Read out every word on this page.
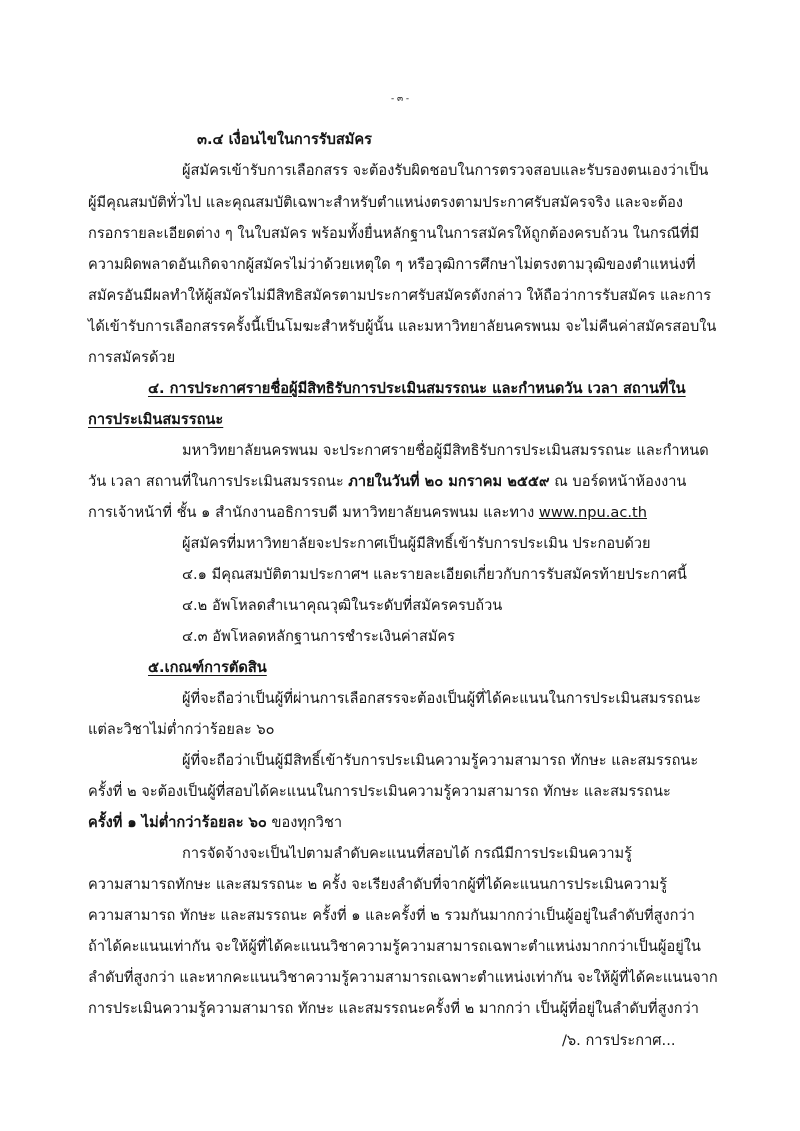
- ๓ -

๓.๔ เงื่อนไขในการรับสมัคร

ผู้สมัครเข้ารับการเลือกสรร จะต้องรับผิดชอบในการตรวจสอบและรับรองตนเองว่าเป็น

ผู้มีคุณสมบัติทั่วไป และคุณสมบัติเฉพาะสำหรับตำแหน่งตรงตามประกาศรับสมัครจริง และจะต้อง

กรอกรายละเอียดต่าง ๆ ในใบสมัคร พร้อมทั้งยื่นหลักฐานในการสมัครให้ถูกต้องครบถ้วน ในกรณีที่มี

ความผิดพลาดอันเกิดจากผู้สมัครไม่ว่าด้วยเหตุใด ๆ หรือวุฒิการศึกษาไม่ตรงตามวุฒิของตำแหน่งที่

สมัครอันมีผลทำให้ผู้สมัครไม่มีสิทธิสมัครตามประกาศรับสมัครดังกล่าว ให้ถือว่าการรับสมัคร และการ

ได้เข้ารับการเลือกสรรครั้งนี้เป็นโมฆะสำหรับผู้นั้น และมหาวิทยาลัยนครพนม จะไม่คืนค่าสมัครสอบใน

การสมัครด้วย

๔. การประกาศรายชื่อผู้มีสิทธิรับการประเมินสมรรถนะ และกำหนดวัน เวลา สถานที่ใน

การประเมินสมรรถนะ

มหาวิทยาลัยนครพนม จะประกาศรายชื่อผู้มีสิทธิรับการประเมินสมรรถนะ และกำหนด

วัน เวลา สถานที่ในการประเมินสมรรถนะ ภายในวันที่ ๒๐ มกราคม ๒๕๕๙ ณ บอร์ดหน้าห้องงาน

การเจ้าหน้าที่ ชั้น ๑ สำนักงานอธิการบดี มหาวิทยาลัยนครพนม และทาง www.npu.ac.th

ผู้สมัครที่มหาวิทยาลัยจะประกาศเป็นผู้มีสิทธิ์เข้ารับการประเมิน ประกอบด้วย

๔.๑ มีคุณสมบัติตามประกาศฯ และรายละเอียดเกี่ยวกับการรับสมัครท้ายประกาศนี้

๔.๒ อัพโหลดสำเนาคุณวุฒิในระดับที่สมัครครบถ้วน

๔.๓ อัพโหลดหลักฐานการชำระเงินค่าสมัคร

๕.เกณฑ์การตัดสิน

ผู้ที่จะถือว่าเป็นผู้ที่ผ่านการเลือกสรรจะต้องเป็นผู้ที่ได้คะแนนในการประเมินสมรรถนะ

แต่ละวิชาไม่ต่ำกว่าร้อยละ ๖๐

ผู้ที่จะถือว่าเป็นผู้มีสิทธิ์เข้ารับการประเมินความรู้ความสามารถ ทักษะ และสมรรถนะ

ครั้งที่ ๒ จะต้องเป็นผู้ที่สอบได้คะแนนในการประเมินความรู้ความสามารถ ทักษะ และสมรรถนะ

ครั้งที่ ๑ ไม่ต่ำกว่าร้อยละ ๖๐ ของทุกวิชา

การจัดจ้างจะเป็นไปตามลำดับคะแนนที่สอบได้ กรณีมีการประเมินความรู้

ความสามารถทักษะ และสมรรถนะ ๒ ครั้ง จะเรียงลำดับที่จากผู้ที่ได้คะแนนการประเมินความรู้

ความสามารถ ทักษะ และสมรรถนะ ครั้งที่ ๑ และครั้งที่ ๒ รวมกันมากกว่าเป็นผู้อยู่ในลำดับที่สูงกว่า

ถ้าได้คะแนนเท่ากัน จะให้ผู้ที่ได้คะแนนวิชาความรู้ความสามารถเฉพาะตำแหน่งมากกว่าเป็นผู้อยู่ใน

ลำดับที่สูงกว่า และหากคะแนนวิชาความรู้ความสามารถเฉพาะตำแหน่งเท่ากัน จะให้ผู้ที่ได้คะแนนจาก

การประเมินความรู้ความสามารถ ทักษะ และสมรรถนะครั้งที่ ๒ มากกว่า เป็นผู้ที่อยู่ในลำดับที่สูงกว่า

/๖. การประกาศ...
